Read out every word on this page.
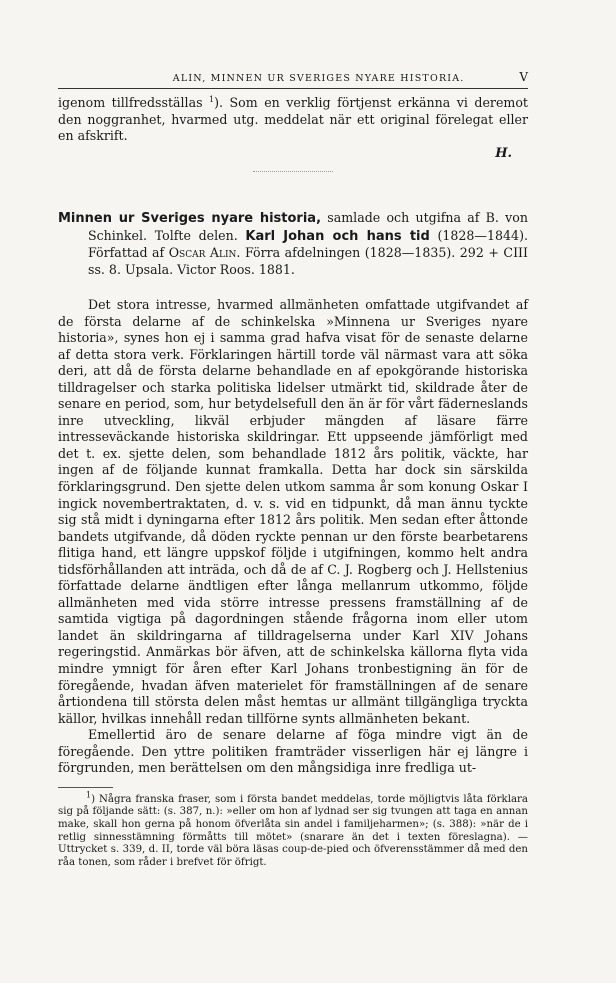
ALIN, MINNEN UR SVERIGES NYARE HISTORIA.	V

igenom tillfredsställas $^1$). Som en verklig förtjenst erkänna vi deremot den noggranhet, hvarmed utg. meddelat när ett original förelegat eller en afskrift.

H.

Minnen ur Sveriges nyare historia, samlade och utgifna af B. von Schinkel. Tolfte delen. Karl Johan och hans tid (1828—1844). Författad af Oscar Alin. Förra afdelningen (1828—1835). 292 + CIII ss. 8. Upsala. Victor Roos. 1881.

Det stora intresse, hvarmed allmänheten omfattade utgifvandet af de första delarne af de schinkelska »Minnena ur Sveriges nyare historia», synes hon ej i samma grad hafva visat för de senaste delarne af detta stora verk. Förklaringen härtill torde väl närmast vara att söka deri, att då de första delarne behandlade en af epokgörande historiska tilldragelser och starka politiska lidelser utmärkt tid, skildrade åter de senare en period, som, hur betydelsefull den än är för vårt fäderneslands inre utveckling, likväl erbjuder mängden af läsare färre intresseväckande historiska skildringar. Ett uppseende jämförligt med det t. ex. sjette delen, som behandlade 1812 års politik, väckte, har ingen af de följande kunnat framkalla. Detta har dock sin särskilda förklaringsgrund. Den sjette delen utkom samma år som konung Oskar I ingick novembertraktaten, d. v. s. vid en tidpunkt, då man ännu tyckte sig stå midt i dyningarna efter 1812 års politik. Men sedan efter åttonde bandets utgifvande, då döden ryckte pennan ur den förste bearbetarens flitiga hand, ett längre uppskof följde i utgifningen, kommo helt andra tidsförhållanden att inträda, och då de af C. J. Rogberg och J. Hellstenius författade delarne ändtligen efter långa mellanrum utkommo, följde allmänheten med vida större intresse pressens framställning af de samtida vigtiga på dagordningen stående frågorna inom eller utom landet än skildringarna af tilldragelserna under Karl XIV Johans regeringstid. Anmärkas bör äfven, att de schinkelska källorna flyta vida mindre ymnigt för åren efter Karl Johans tronbestigning än för de föregående, hvadan äfven materielet för framställningen af de senare årtiondena till största delen måst hemtas ur allmänt tillgängliga tryckta källor, hvilkas innehåll redan tillförne synts allmänheten bekant.

Emellertid äro de senare delarne af föga mindre vigt än de föregående. Den yttre politiken framträder visserligen här ej längre i förgrunden, men berättelsen om den mångsidiga inre fredliga ut-

$^1$) Några franska fraser, som i första bandet meddelas, torde möjligtvis låta förklara sig på följande sätt: (s. 387, n.): »eller om hon af lydnad ser sig tvungen att taga en annan make, skall hon gerna på honom öfverlåta sin andel i familjeharmen»; (s. 388): »när de i retlig sinnesstämning förmåtts till mötet» (snarare än det i texten föreslagna). — Uttrycket s. 339, d. II, torde väl böra läsas coup-de-pied och öfverensstämmer då med den råa tonen, som råder i brefvet för öfrigt.
